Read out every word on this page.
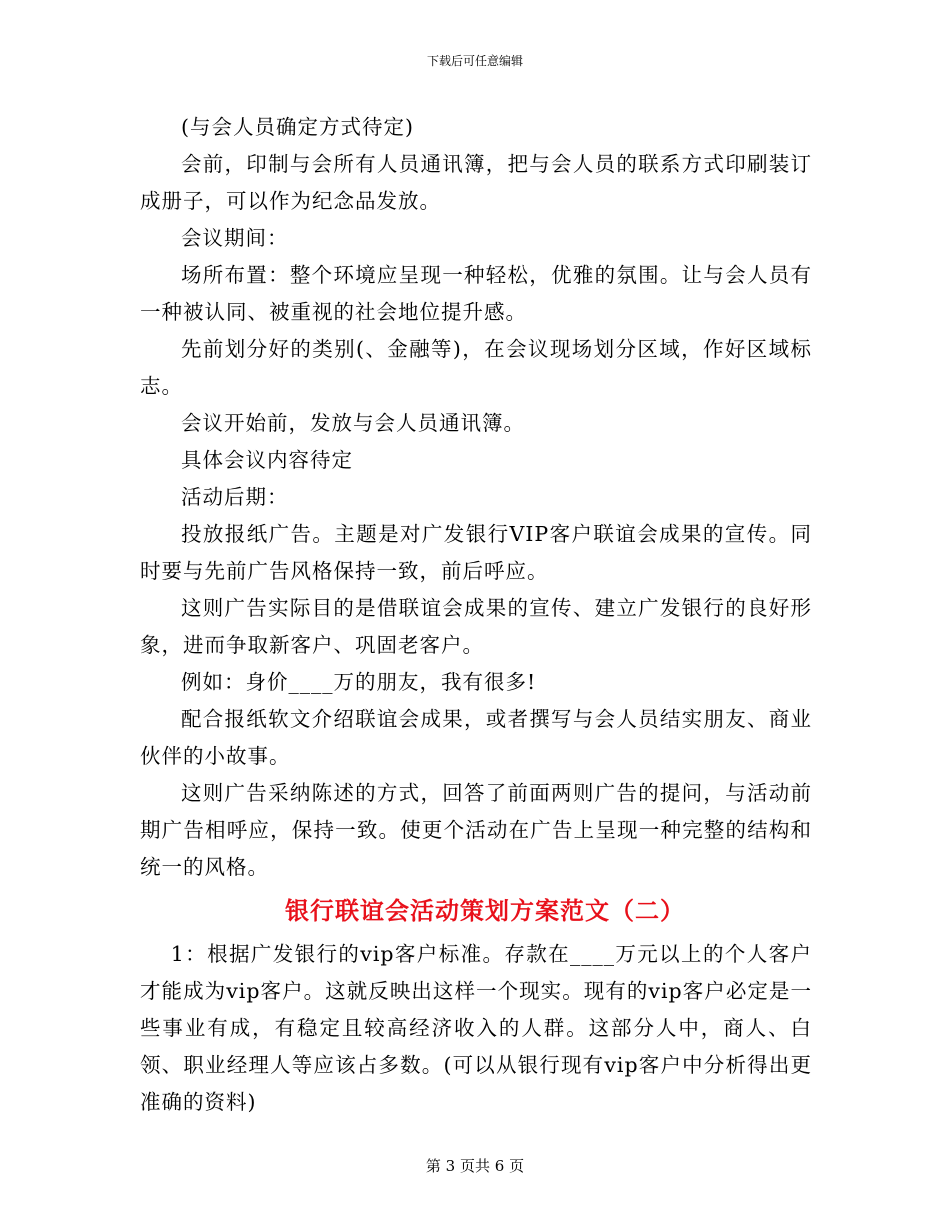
下载后可任意编辑

(与会人员确定方式待定)

会前，印制与会所有人员通讯簿，把与会人员的联系方式印刷装订成册子，可以作为纪念品发放。

会议期间：

场所布置：整个环境应呈现一种轻松，优雅的氛围。让与会人员有一种被认同、被重视的社会地位提升感。

先前划分好的类别(、金融等)，在会议现场划分区域，作好区域标志。

会议开始前，发放与会人员通讯簿。

具体会议内容待定

活动后期：

投放报纸广告。主题是对广发银行VIP客户联谊会成果的宣传。同时要与先前广告风格保持一致，前后呼应。

这则广告实际目的是借联谊会成果的宣传、建立广发银行的良好形象，进而争取新客户、巩固老客户。

例如：身价____万的朋友，我有很多!

配合报纸软文介绍联谊会成果，或者撰写与会人员结实朋友、商业伙伴的小故事。

这则广告采纳陈述的方式，回答了前面两则广告的提问，与活动前期广告相呼应，保持一致。使更个活动在广告上呈现一种完整的结构和统一的风格。

银行联谊会活动策划方案范文（二）

1：根据广发银行的vip客户标准。存款在____万元以上的个人客户才能成为vip客户。这就反映出这样一个现实。现有的vip客户必定是一些事业有成，有稳定且较高经济收入的人群。这部分人中，商人、白领、职业经理人等应该占多数。(可以从银行现有vip客户中分析得出更准确的资料)

第 3 页共 6 页
